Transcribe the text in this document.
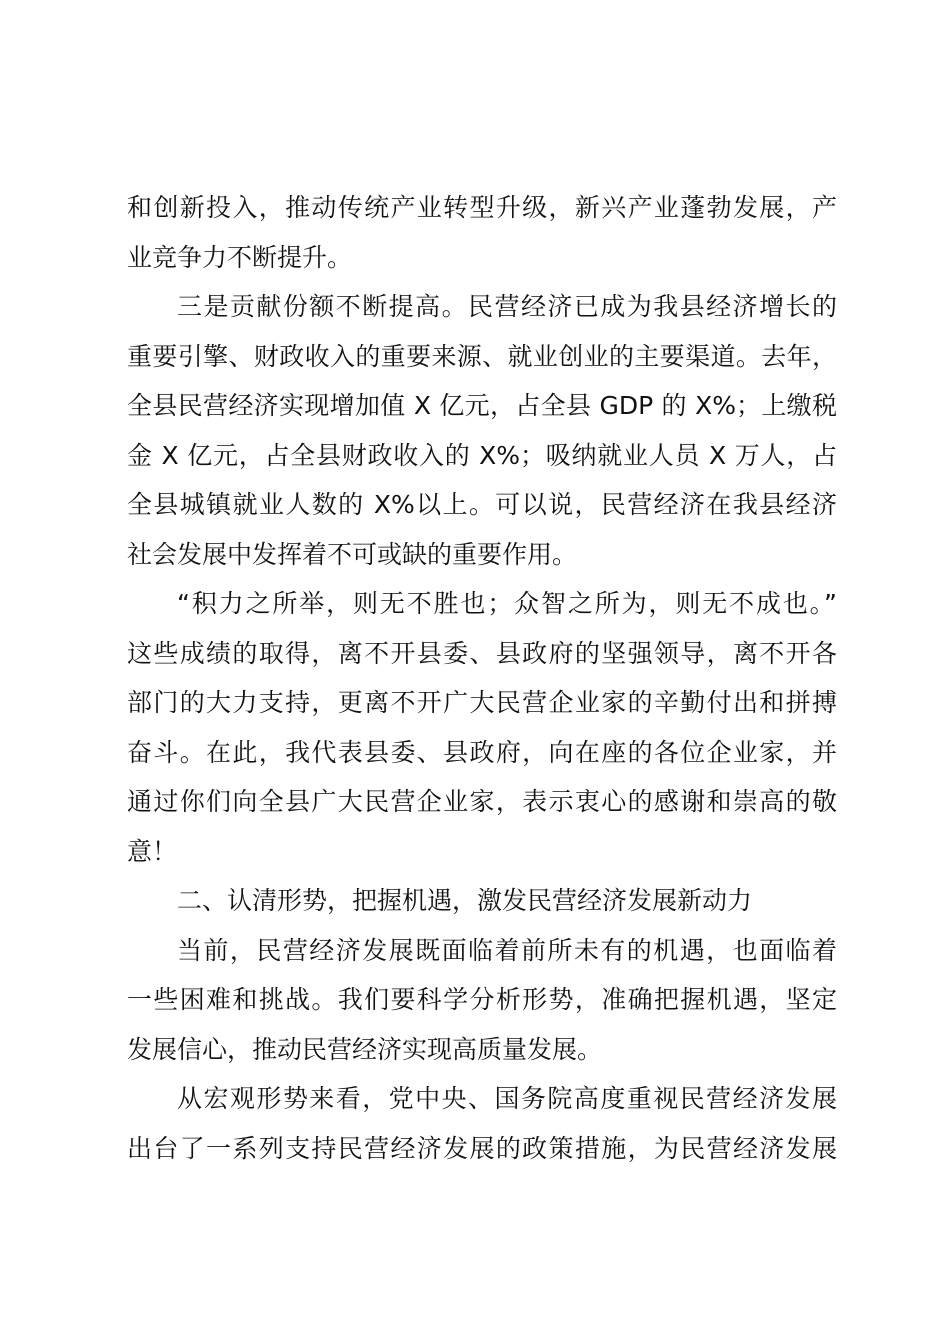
和创新投入，推动传统产业转型升级，新兴产业蓬勃发展，产
业竞争力不断提升。
三是贡献份额不断提高。民营经济已成为我县经济增长的
重要引擎、财政收入的重要来源、就业创业的主要渠道。去年，
全县民营经济实现增加值 X 亿元，占全县 GDP 的 X%；上缴税
金 X 亿元，占全县财政收入的 X%；吸纳就业人员 X 万人，占
全县城镇就业人数的 X%以上。可以说，民营经济在我县经济
社会发展中发挥着不可或缺的重要作用。
“积力之所举，则无不胜也；众智之所为，则无不成也。”
这些成绩的取得，离不开县委、县政府的坚强领导，离不开各
部门的大力支持，更离不开广大民营企业家的辛勤付出和拼搏
奋斗。在此，我代表县委、县政府，向在座的各位企业家，并
通过你们向全县广大民营企业家，表示衷心的感谢和崇高的敬
意！
二、认清形势，把握机遇，激发民营经济发展新动力
当前，民营经济发展既面临着前所未有的机遇，也面临着
一些困难和挑战。我们要科学分析形势，准确把握机遇，坚定
发展信心，推动民营经济实现高质量发展。
从宏观形势来看，党中央、国务院高度重视民营经济发展
出台了一系列支持民营经济发展的政策措施，为民营经济发展
